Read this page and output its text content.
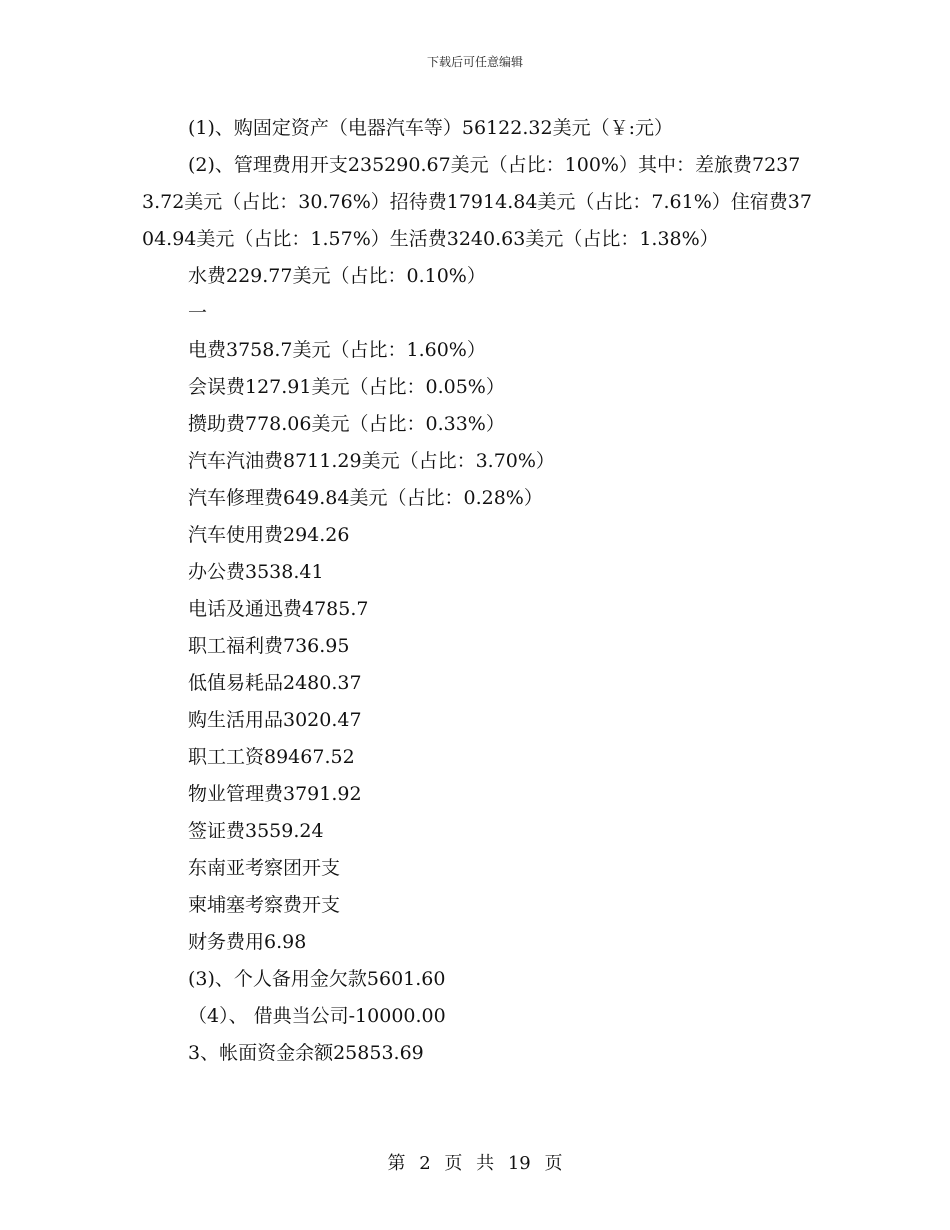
下载后可任意编辑

(1)、购固定资产（电器汽车等）56122.32美元（￥:元）

(2)、管理费用开支235290.67美元（占比：100%）其中：差旅费72373.72美元（占比：30.76%）招待费17914.84美元（占比：7.61%）住宿费3704.94美元（占比：1.57%）生活费3240.63美元（占比：1.38%）

水费229.77美元（占比：0.10%）

一

电费3758.7美元（占比：1.60%）

会误费127.91美元（占比：0.05%）

攒助费778.06美元（占比：0.33%）

汽车汽油费8711.29美元（占比：3.70%）

汽车修理费649.84美元（占比：0.28%）

汽车使用费294.26

办公费3538.41

电话及通迅费4785.7

职工福利费736.95

低值易耗品2480.37

购生活用品3020.47

职工工资89467.52

物业管理费3791.92

签证费3559.24

东南亚考察团开支

柬埔塞考察费开支

财务费用6.98

(3)、个人备用金欠款5601.60

（4）、 借典当公司-10000.00

3、帐面资金余额25853.69

第 2 页 共 19 页
